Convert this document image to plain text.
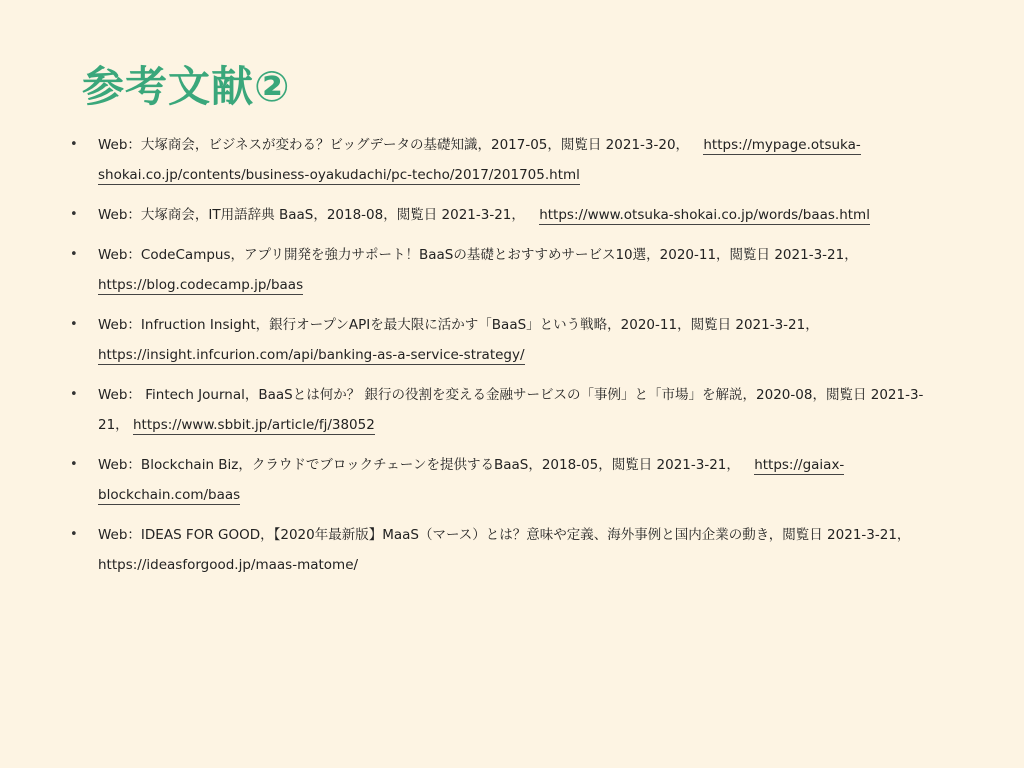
参考文献②
• Web：大塚商会，ビジネスが変わる？ビッグデータの基礎知識，2017-05，閲覧日 2021-3-20， https://mypage.otsuka-shokai.co.jp/contents/business-oyakudachi/pc-techo/2017/201705.html
• Web：大塚商会，IT用語辞典 BaaS，2018-08，閲覧日 2021-3-21， https://www.otsuka-shokai.co.jp/words/baas.html
• Web：CodeCampus，アプリ開発を強力サポート！BaaSの基礎とおすすめサービス10選，2020-11，閲覧日 2021-3-21， https://blog.codecamp.jp/baas
• Web：Infruction Insight，銀行オープンAPIを最大限に活かす「BaaS」という戦略，2020-11，閲覧日 2021-3-21， https://insight.infcurion.com/api/banking-as-a-service-strategy/
• Web： Fintech Journal，BaaSとは何か？ 銀行の役割を変える金融サービスの「事例」と「市場」を解説，2020-08，閲覧日 2021-3-21， https://www.sbbit.jp/article/fj/38052
• Web：Blockchain Biz，クラウドでブロックチェーンを提供するBaaS，2018-05，閲覧日 2021-3-21， https://gaiax-blockchain.com/baas
• Web：IDEAS FOR GOOD，【2020年最新版】MaaS（マース）とは？意味や定義、海外事例と国内企業の動き，閲覧日 2021-3-21， https://ideasforgood.jp/maas-matome/
